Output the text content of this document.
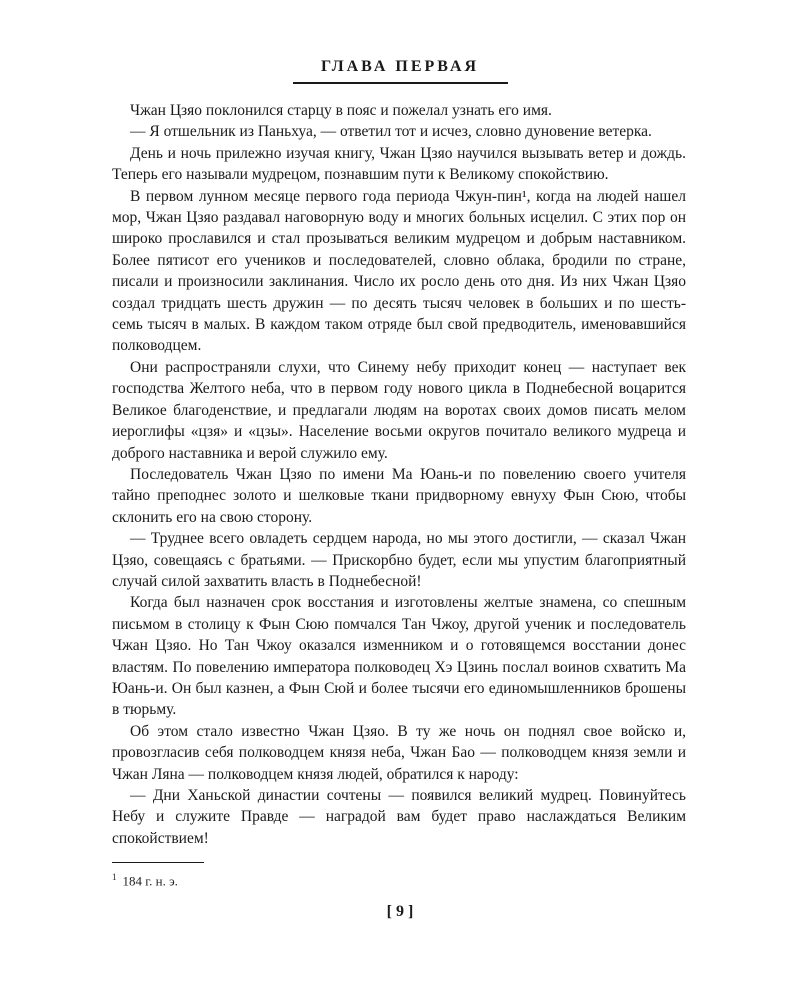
ГЛАВА ПЕРВАЯ

Чжан Цзяо поклонился старцу в пояс и пожелал узнать его имя.

— Я отшельник из Паньхуа, — ответил тот и исчез, словно дуновение ветерка.

День и ночь прилежно изучая книгу, Чжан Цзяо научился вызывать ветер и дождь. Теперь его называли мудрецом, познавшим пути к Великому спокойствию.

В первом лунном месяце первого года периода Чжун-пин¹, когда на людей нашел мор, Чжан Цзяо раздавал наговорную воду и многих больных исцелил. С этих пор он широко прославился и стал прозываться великим мудрецом и добрым наставником. Более пятисот его учеников и последователей, словно облака, бродили по стране, писали и произносили заклинания. Число их росло день ото дня. Из них Чжан Цзяо создал тридцать шесть дружин — по десять тысяч человек в больших и по шесть-семь тысяч в малых. В каждом таком отряде был свой предводитель, именовавшийся полководцем.

Они распространяли слухи, что Синему небу приходит конец — наступает век господства Желтого неба, что в первом году нового цикла в Поднебесной воцарится Великое благоденствие, и предлагали людям на воротах своих домов писать мелом иероглифы «цзя» и «цзы». Население восьми округов почитало великого мудреца и доброго наставника и верой служило ему.

Последователь Чжан Цзяо по имени Ма Юань-и по повелению своего учителя тайно преподнес золото и шелковые ткани придворному евнуху Фын Сюю, чтобы склонить его на свою сторону.

— Труднее всего овладеть сердцем народа, но мы этого достигли, — сказал Чжан Цзяо, совещаясь с братьями. — Прискорбно будет, если мы упустим благоприятный случай силой захватить власть в Поднебесной!

Когда был назначен срок восстания и изготовлены желтые знамена, со спешным письмом в столицу к Фын Сюю помчался Тан Чжоу, другой ученик и последователь Чжан Цзяо. Но Тан Чжоу оказался изменником и о готовящемся восстании донес властям. По повелению императора полководец Хэ Цзинь послал воинов схватить Ма Юань-и. Он был казнен, а Фын Сюй и более тысячи его единомышленников брошены в тюрьму.

Об этом стало известно Чжан Цзяо. В ту же ночь он поднял свое войско и, провозгласив себя полководцем князя неба, Чжан Бао — полководцем князя земли и Чжан Ляна — полководцем князя людей, обратился к народу:

— Дни Ханьской династии сочтены — появился великий мудрец. Повинуйтесь Небу и служите Правде — наградой вам будет право наслаждаться Великим спокойствием!

$^1$ 184 г. н. э.
[ 9 ]
